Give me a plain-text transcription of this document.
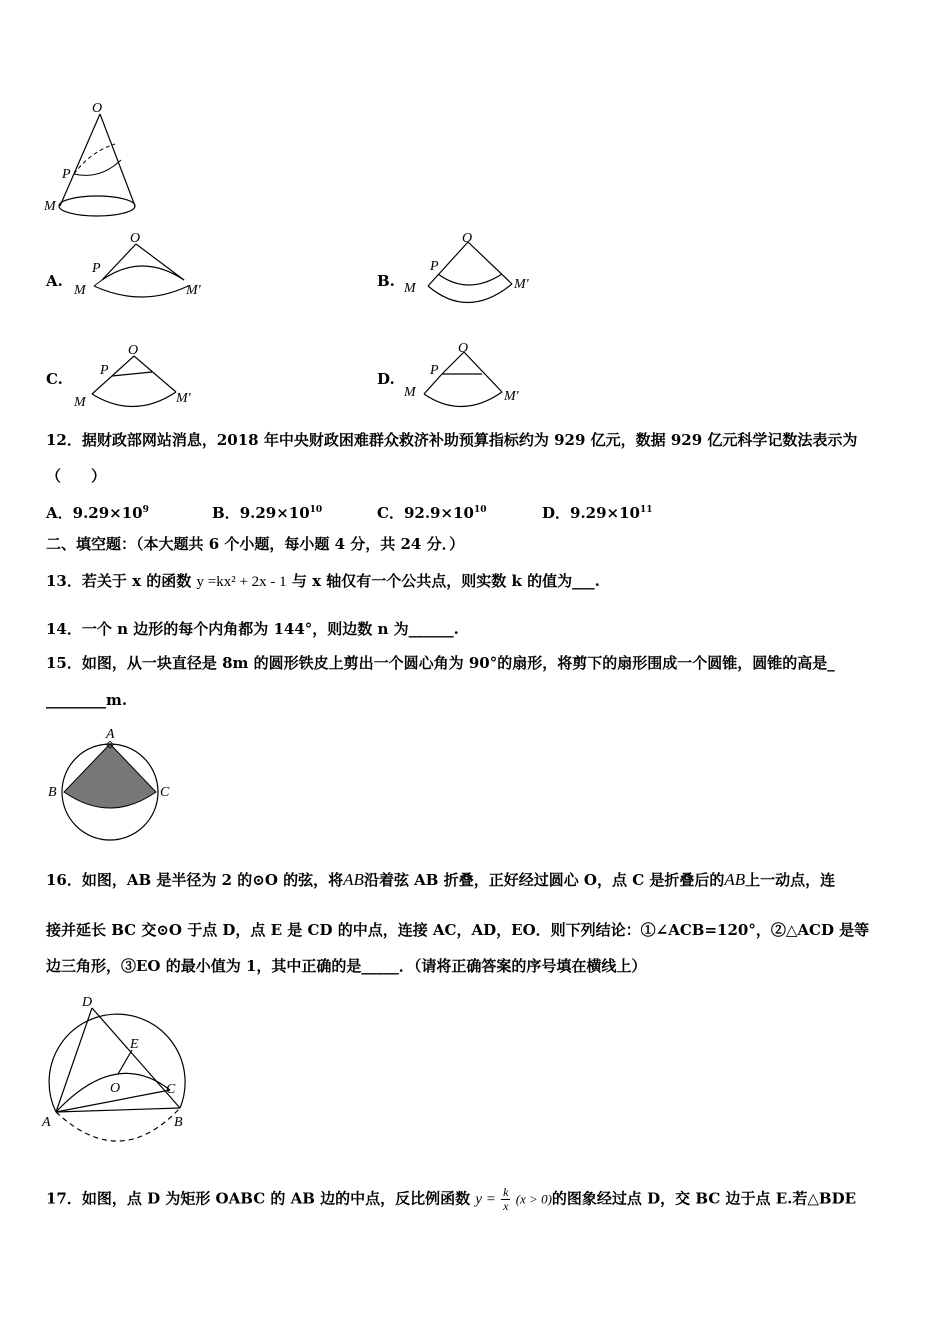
O
P
M
A.
O
P
M	M'
B.
O
P
M	M'
C.
O
P
M	M'
D.
O
P
M	M'
12．据财政部网站消息，2018 年中央财政困难群众救济补助预算指标约为 929 亿元，数据 929 亿元科学记数法表示为
（　　）
A．$9.29\times 10^9$	B．$9.29\times 10^{10}$	C．$92.9\times 10^{10}$	D．$9.29\times 10^{11}$
二、填空题：（本大题共 6 个小题，每小题 4 分，共 24 分．）
13．若关于 x 的函数 y =kx² + 2x - 1 与 x 轴仅有一个公共点，则实数 k 的值为___.
14．一个 n 边形的每个内角都为 144°，则边数 n 为______.
15．如图，从一块直径是 8m 的圆形铁皮上剪出一个圆心角为 90°的扇形，将剪下的扇形围成一个圆锥，圆锥的高是_
________m.
A
B	C
16．如图，AB 是半径为 2 的⊙O 的弦，将AB沿着弦 AB 折叠，正好经过圆心 O，点 C 是折叠后的AB上一动点，连
接并延长 BC 交⊙O 于点 D，点 E 是 CD 的中点，连接 AC，AD，EO．则下列结论：①∠ACB=120°，②△ACD 是等
边三角形，③EO 的最小值为 1，其中正确的是_____．（请将正确答案的序号填在横线上）
D
E
O	C
A	B
17．如图，点 D 为矩形 OABC 的 AB 边的中点，反比例函数 $y = \frac{k}{x} (x > 0)$的图象经过点 D，交 BC 边于点 E.若△BDE
